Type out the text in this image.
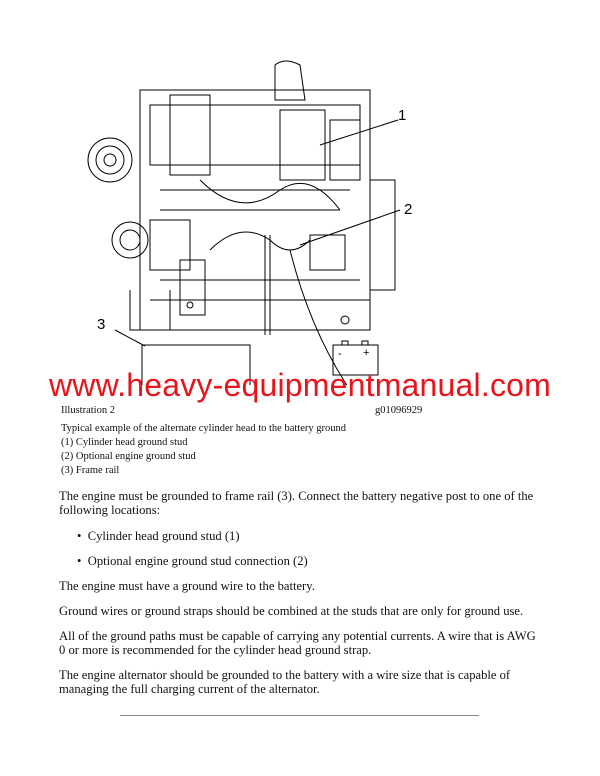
1
2
3
- +
www.heavy-equipmentmanual.com
Illustration 2	g01096929
Typical example of the alternate cylinder head to the battery ground
(1) Cylinder head ground stud
(2) Optional engine ground stud
(3) Frame rail
The engine must be grounded to frame rail (3). Connect the battery negative post to one of the following locations:
•  Cylinder head ground stud (1)
•  Optional engine ground stud connection (2)
The engine must have a ground wire to the battery.
Ground wires or ground straps should be combined at the studs that are only for ground use.
All of the ground paths must be capable of carrying any potential currents. A wire that is AWG 0 or more is recommended for the cylinder head ground strap.
The engine alternator should be grounded to the battery with a wire size that is capable of managing the full charging current of the alternator.
